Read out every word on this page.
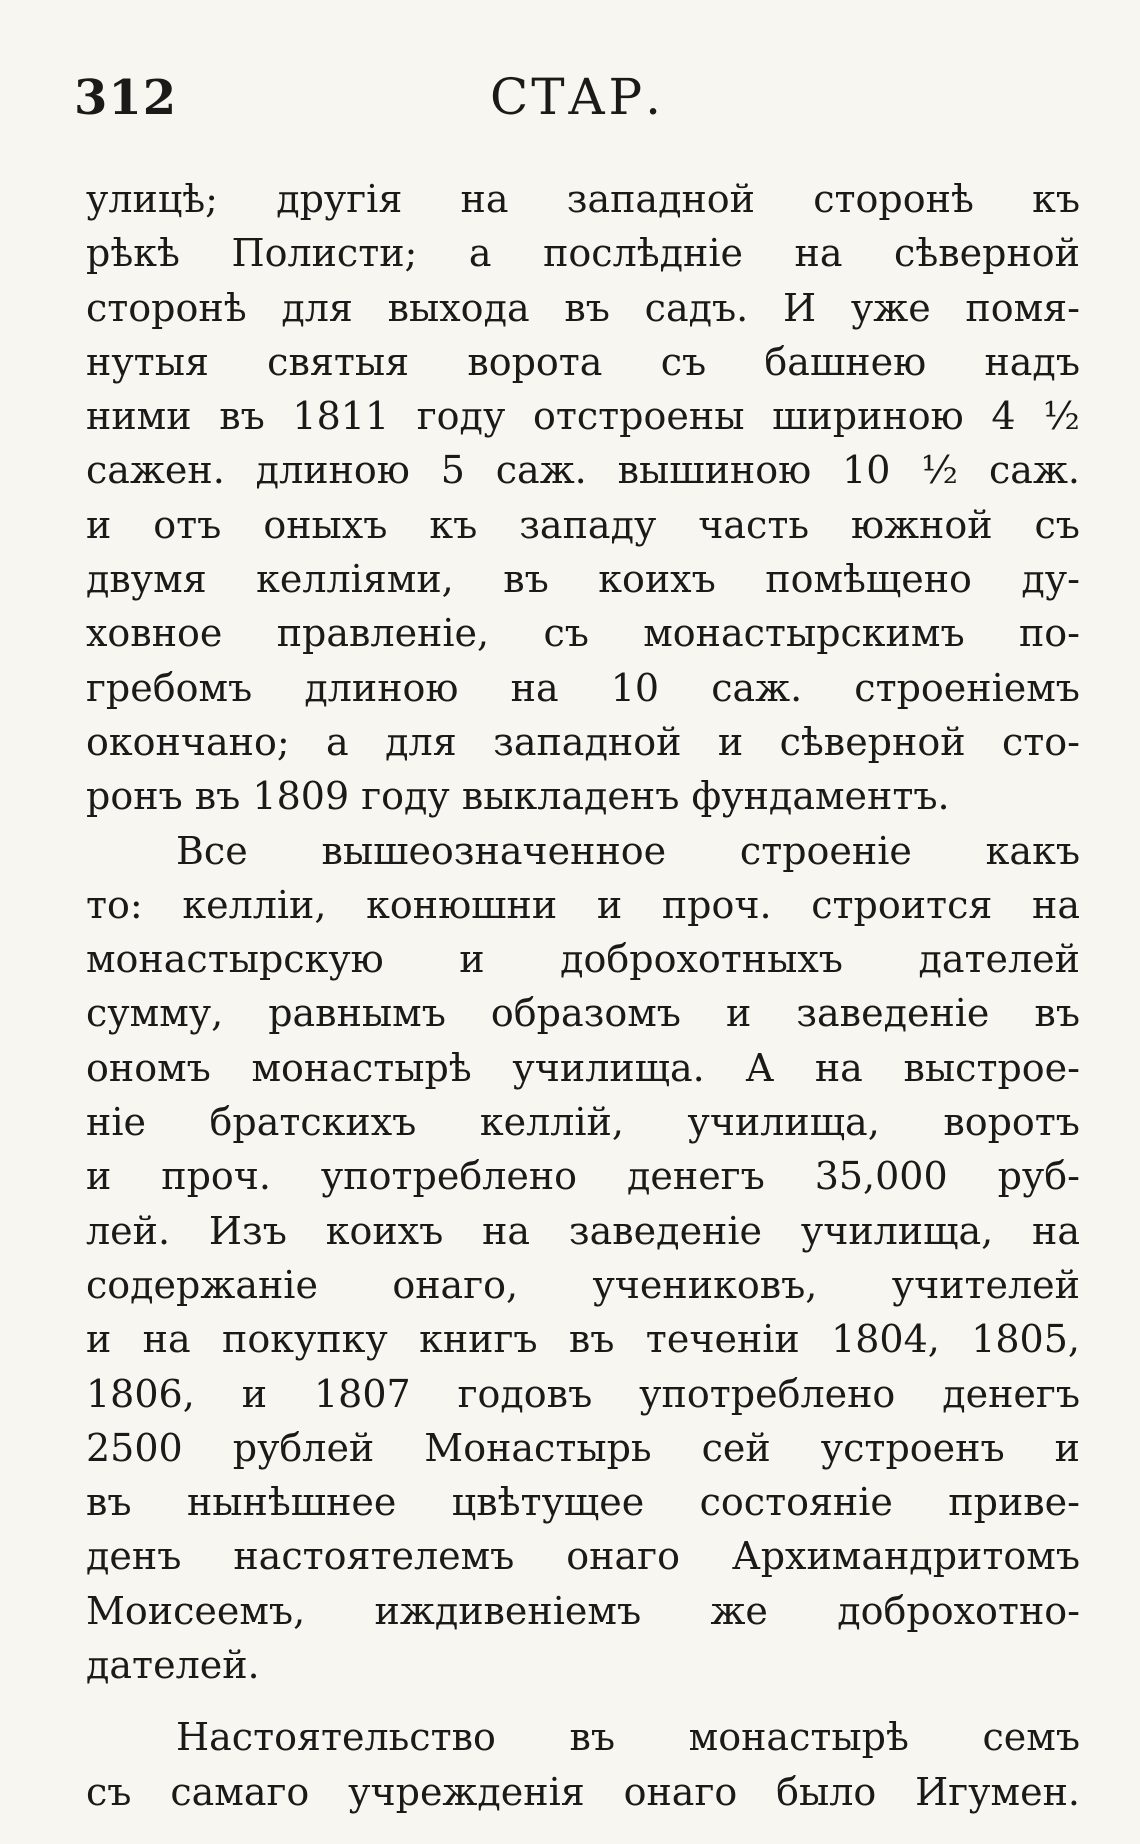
312	СТАР.
улицѣ; другія на западной сторонѣ къ
рѣкѣ Полисти; а послѣдніе на сѣверной
сторонѣ для выхода въ садъ. И уже помя-
нутыя святыя ворота съ башнею надъ
ними въ 1811 году отстроены шириною 4 ½
сажен. длиною 5 саж. вышиною 10 ½ саж.
и отъ оныхъ къ западу часть южной съ
двумя келліями, въ коихъ помѣщено ду-
ховное правленіе, съ монастырскимъ по-
гребомъ длиною на 10 саж. строеніемъ
окончано; а для западной и сѣверной сто-
ронъ въ 1809 году выкладенъ фундаментъ.
Все вышеозначенное строеніе какъ
то: келліи, конюшни и проч. строится на
монастырскую и доброхотныхъ дателей
сумму, равнымъ образомъ и заведеніе въ
ономъ монастырѣ училища. А на выстрое-
ніе братскихъ келлій, училища, воротъ
и проч. употреблено денегъ 35,000 руб-
лей. Изъ коихъ на заведеніе училища, на
содержаніе онаго, учениковъ, учителей
и на покупку книгъ въ теченіи 1804, 1805,
1806, и 1807 годовъ употреблено денегъ
2500 рублей Монастырь сей устроенъ и
въ нынѣшнее цвѣтущее состояніе приве-
денъ настоятелемъ онаго Архимандритомъ
Моисеемъ, иждивеніемъ же доброхотно-
дателей.
Настоятельство въ монастырѣ семъ
съ самаго учрежденія онаго было Игумен.
